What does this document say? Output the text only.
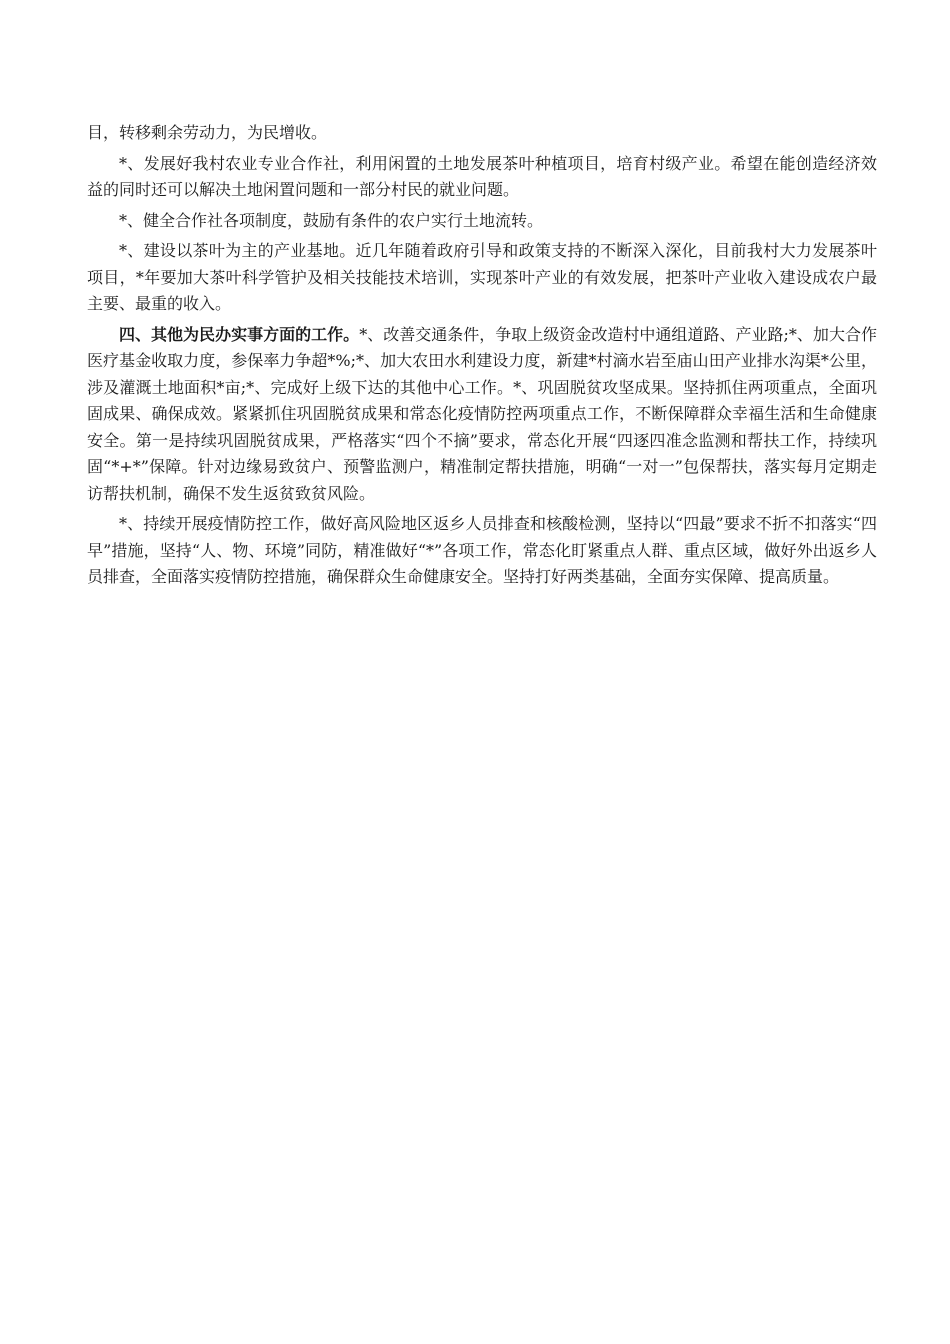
目，转移剩余劳动力，为民增收。

*、发展好我村农业专业合作社，利用闲置的土地发展茶叶种植项目，培育村级产业。希望在能创造经济效益的同时还可以解决土地闲置问题和一部分村民的就业问题。

*、健全合作社各项制度，鼓励有条件的农户实行土地流转。

*、建设以茶叶为主的产业基地。近几年随着政府引导和政策支持的不断深入深化，目前我村大力发展茶叶项目，*年要加大茶叶科学管护及相关技能技术培训，实现茶叶产业的有效发展，把茶叶产业收入建设成农户最主要、最重的收入。

四、其他为民办实事方面的工作。*、改善交通条件，争取上级资金改造村中通组道路、产业路;*、加大合作医疗基金收取力度，参保率力争超*%;*、加大农田水利建设力度，新建*村滴水岩至庙山田产业排水沟渠*公里，涉及灌溉土地面积*亩;*、完成好上级下达的其他中心工作。*、巩固脱贫攻坚成果。坚持抓住两项重点，全面巩固成果、确保成效。紧紧抓住巩固脱贫成果和常态化疫情防控两项重点工作，不断保障群众幸福生活和生命健康安全。第一是持续巩固脱贫成果，严格落实“四个不摘”要求，常态化开展“四逐四准念监测和帮扶工作，持续巩固“*+*”保障。针对边缘易致贫户、预警监测户，精准制定帮扶措施，明确“一对一”包保帮扶，落实每月定期走访帮扶机制，确保不发生返贫致贫风险。

*、持续开展疫情防控工作，做好高风险地区返乡人员排查和核酸检测，坚持以“四最”要求不折不扣落实“四早”措施，坚持“人、物、环境”同防，精准做好“*”各项工作，常态化盯紧重点人群、重点区域，做好外出返乡人员排查，全面落实疫情防控措施，确保群众生命健康安全。坚持打好两类基础，全面夯实保障、提高质量。
